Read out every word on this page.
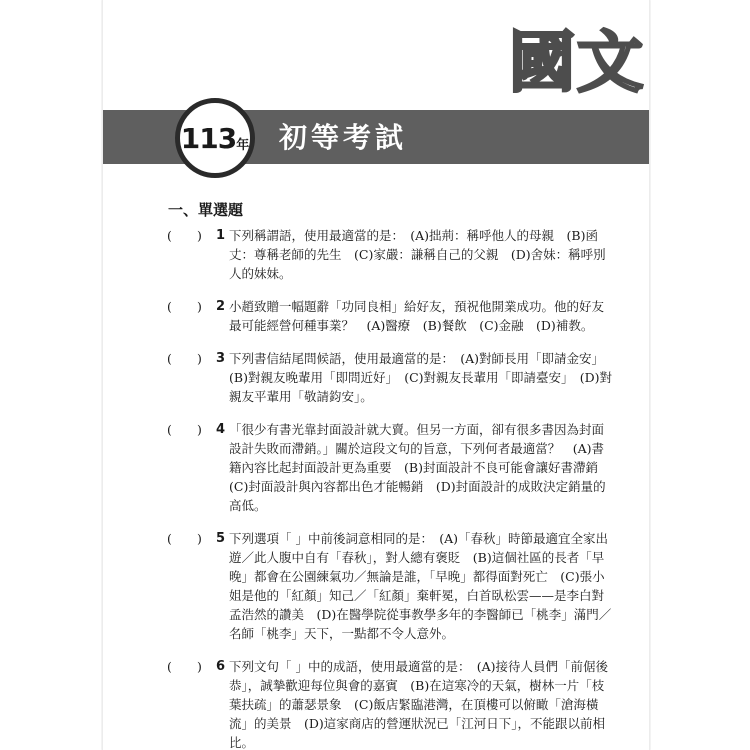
國文
113 年 初等考試
一、單選題
( ) 1 下列稱謂語，使用最適當的是：　(A)拙荊：稱呼他人的母親　(B)函丈：尊稱老師的先生　(C)家嚴：謙稱自己的父親　(D)舍妹：稱呼別人的妹妹。
( ) 2 小趙致贈一幅題辭「功同良相」給好友，預祝他開業成功。他的好友最可能經營何種事業？　(A)醫療　(B)餐飲　(C)金融　(D)補教。
( ) 3 下列書信結尾問候語，使用最適當的是：　(A)對師長用「即請金安」　(B)對親友晚輩用「即問近好」　(C)對親友長輩用「即請臺安」　(D)對親友平輩用「敬請鈞安」。
( ) 4 「很少有書光靠封面設計就大賣。但另一方面，卻有很多書因為封面設計失敗而滯銷。」關於這段文句的旨意，下列何者最適當？　(A)書籍內容比起封面設計更為重要　(B)封面設計不良可能會讓好書滯銷　(C)封面設計與內容都出色才能暢銷　(D)封面設計的成敗決定銷量的高低。
( ) 5 下列選項「 」中前後詞意相同的是：　(A)「春秋」時節最適宜全家出遊／此人腹中自有「春秋」，對人總有褒貶　(B)這個社區的長者「早晚」都會在公園練氣功／無論是誰，「早晚」都得面對死亡　(C)張小姐是他的「紅顏」知己／「紅顏」棄軒冕，白首臥松雲——是李白對孟浩然的讚美　(D)在醫學院從事教學多年的李醫師已「桃李」滿門／名師「桃李」天下，一點都不令人意外。
( ) 6 下列文句「 」中的成語，使用最適當的是：　(A)接待人員們「前倨後恭」，誠摯歡迎每位與會的嘉賓　(B)在這寒冷的天氣，樹林一片「枝葉扶疏」的蕭瑟景象　(C)飯店緊臨港灣，在頂樓可以俯瞰「滄海橫流」的美景　(D)這家商店的營運狀況已「江河日下」，不能跟以前相比。
